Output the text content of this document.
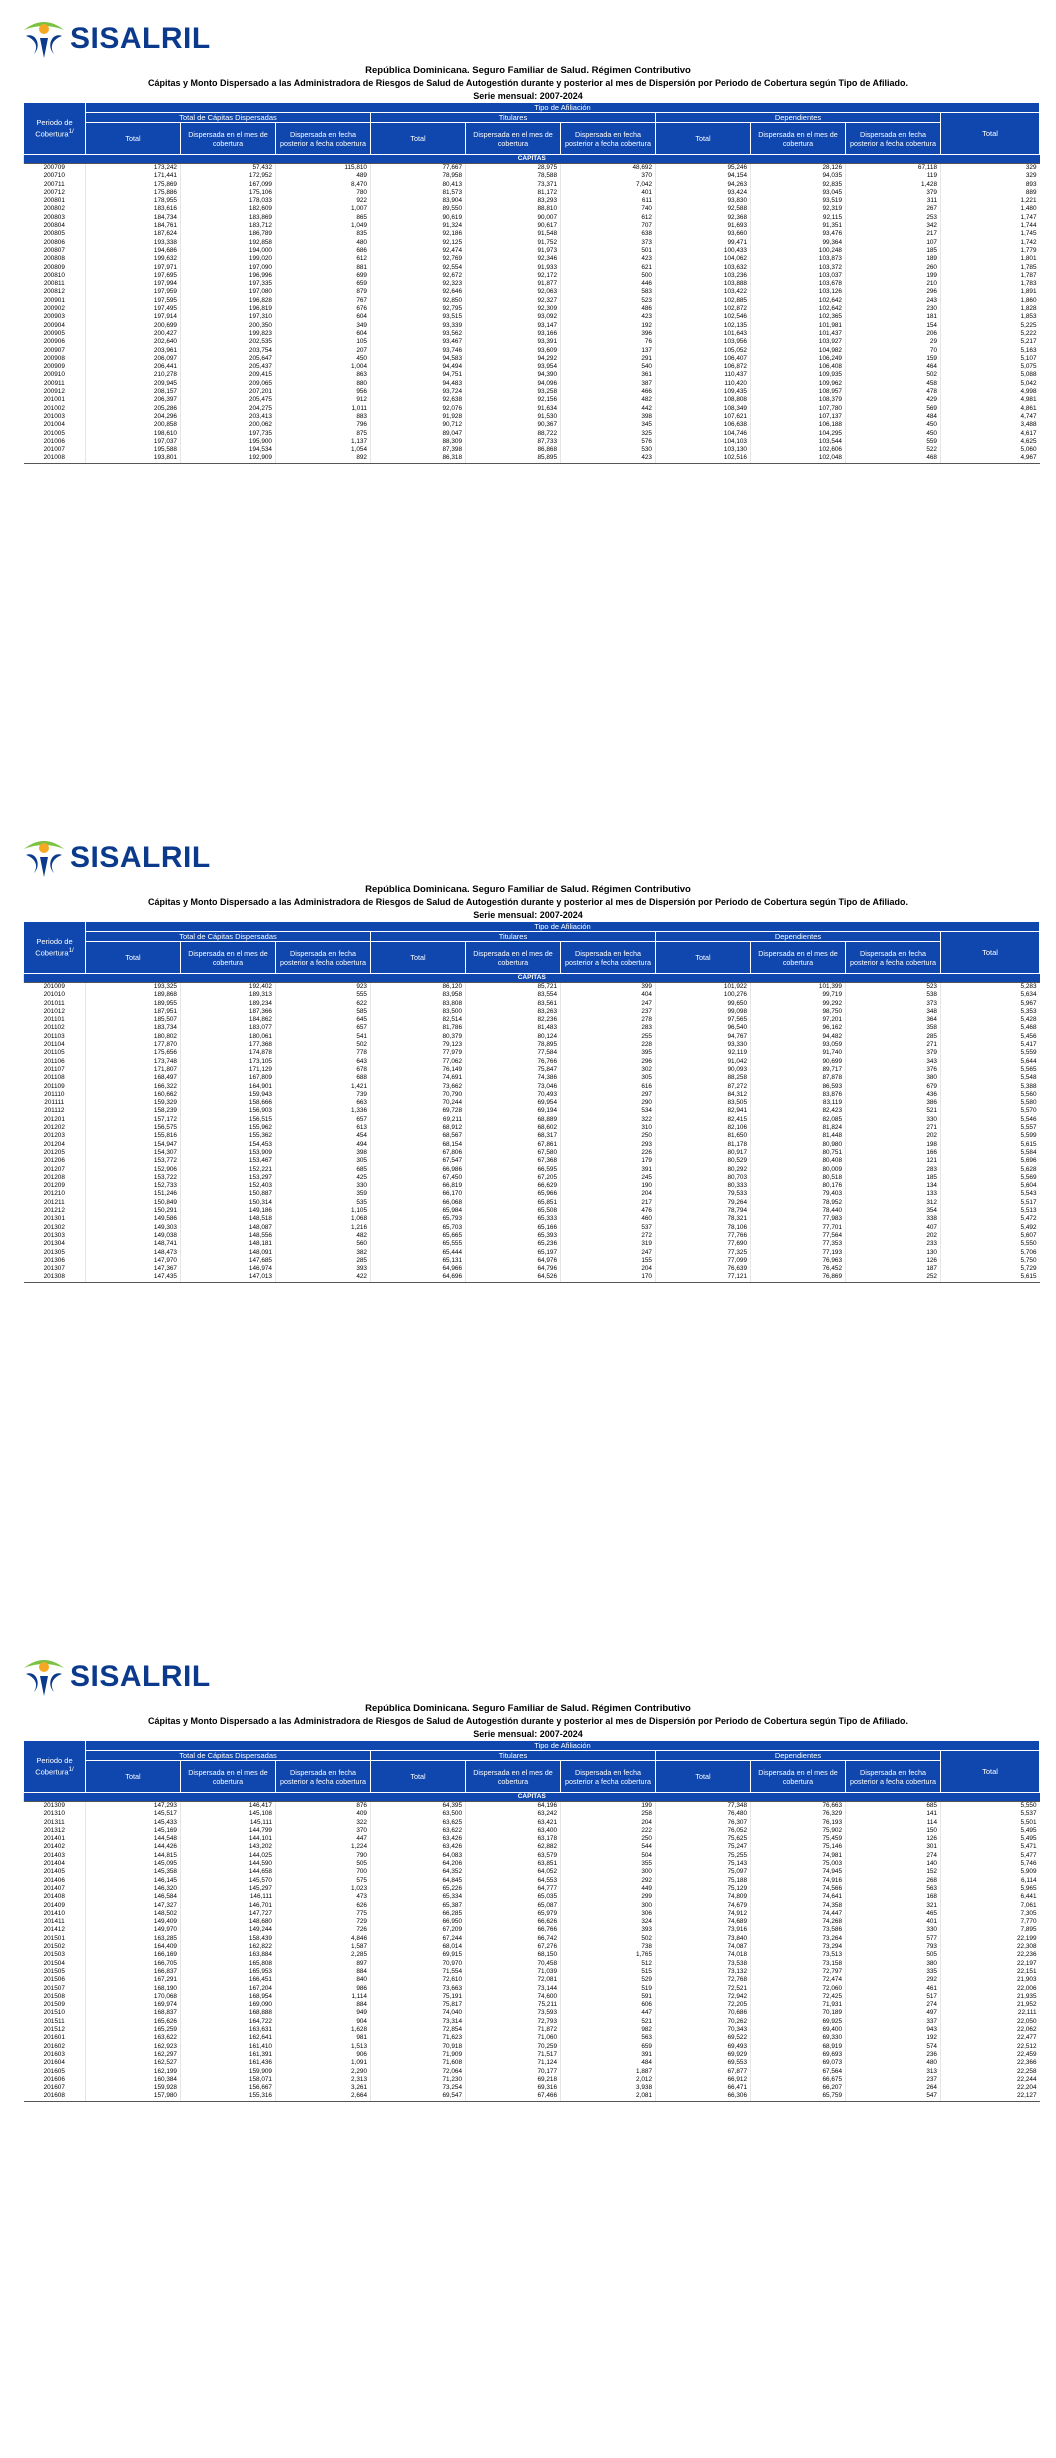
SISALRIL
República Dominicana. Seguro Familiar de Salud. Régimen Contributivo
Cápitas y Monto Dispersado a las Administradora de Riesgos de Salud de Autogestión durante y posterior al mes de Dispersión por Periodo de Cobertura según Tipo de Afiliado.
Serie mensual: 2007-2024
Periodo de Cobertura$^{1/}$	Tipo de Afiliación									
	Total de Cápitas Dispersadas			Titulares			Dependientes			Total
	Total	Dispersada en el mes de cobertura	Dispersada en fecha posterior a fecha cobertura	Total	Dispersada en el mes de cobertura	Dispersada en fecha posterior a fecha cobertura	Total	Dispersada en el mes de cobertura	Dispersada en fecha posterior a fecha cobertura	
CÁPITAS										
200709	173,242	57,432	115,810	77,667	28,975	48,692	95,246	28,126	67,118	329
200710	171,441	172,952	489	78,958	78,588	370	94,154	94,035	119	329
200711	175,869	167,099	8,470	80,413	73,371	7,042	94,263	92,835	1,428	893
200712	175,886	175,106	780	81,573	81,172	401	93,424	93,045	379	889
200801	178,955	178,033	922	83,904	83,293	611	93,830	93,519	311	1,221
200802	183,616	182,609	1,007	89,550	88,810	740	92,588	92,319	267	1,480
200803	184,734	183,869	865	90,619	90,007	612	92,368	92,115	253	1,747
200804	184,761	183,712	1,049	91,324	90,617	707	91,693	91,351	342	1,744
200805	187,624	186,789	835	92,186	91,548	638	93,660	93,476	217	1,745
200806	193,338	192,858	480	92,125	91,752	373	99,471	99,364	107	1,742
200807	194,686	194,000	686	92,474	91,973	501	100,433	100,248	185	1,779
200808	199,632	199,020	612	92,769	92,346	423	104,062	103,873	189	1,801
200809	197,971	197,090	881	92,554	91,933	621	103,632	103,372	260	1,785
200810	197,695	196,996	699	92,672	92,172	500	103,236	103,037	199	1,787
200811	197,994	197,335	659	92,323	91,877	446	103,888	103,678	210	1,783
200812	197,959	197,080	879	92,646	92,063	583	103,422	103,126	296	1,891
200901	197,595	196,828	767	92,850	92,327	523	102,885	102,642	243	1,860
200902	197,495	196,819	676	92,795	92,309	486	102,872	102,642	230	1,828
200903	197,914	197,310	604	93,515	93,092	423	102,546	102,365	181	1,853
200904	200,699	200,350	349	93,339	93,147	192	102,135	101,981	154	5,225
200905	200,427	199,823	604	93,562	93,166	396	101,643	101,437	206	5,222
200906	202,640	202,535	105	93,467	93,391	76	103,956	103,927	29	5,217
200907	203,961	203,754	207	93,746	93,609	137	105,052	104,982	70	5,163
200908	206,097	205,647	450	94,583	94,292	291	106,407	106,249	159	5,107
200909	206,441	205,437	1,004	94,494	93,954	540	106,872	106,408	464	5,075
200910	210,278	209,415	863	94,751	94,390	361	110,437	109,935	502	5,088
200911	209,945	209,065	880	94,483	94,096	387	110,420	109,962	458	5,042
200912	208,157	207,201	956	93,724	93,258	466	109,435	108,957	478	4,998
201001	206,397	205,475	912	92,638	92,156	482	108,808	108,379	429	4,981
201002	205,286	204,275	1,011	92,076	91,634	442	108,349	107,780	569	4,861
201003	204,296	203,413	883	91,928	91,530	398	107,621	107,137	484	4,747
201004	200,858	200,062	796	90,712	90,367	345	106,638	106,188	450	3,488
201005	198,610	197,735	875	89,047	88,722	325	104,746	104,295	450	4,617
201006	197,037	195,900	1,137	88,309	87,733	576	104,103	103,544	559	4,625
201007	195,588	194,534	1,054	87,398	86,868	530	103,130	102,606	522	5,060
201008	193,801	192,909	892	86,318	85,895	423	102,516	102,048	468	4,967
SISALRIL
República Dominicana. Seguro Familiar de Salud. Régimen Contributivo
Cápitas y Monto Dispersado a las Administradora de Riesgos de Salud de Autogestión durante y posterior al mes de Dispersión por Periodo de Cobertura según Tipo de Afiliado.
Serie mensual: 2007-2024
Periodo de Cobertura$^{1/}$	Tipo de Afiliación									
	Total de Cápitas Dispersadas			Titulares			Dependientes			Total
	Total	Dispersada en el mes de cobertura	Dispersada en fecha posterior a fecha cobertura	Total	Dispersada en el mes de cobertura	Dispersada en fecha posterior a fecha cobertura	Total	Dispersada en el mes de cobertura	Dispersada en fecha posterior a fecha cobertura	
CÁPITAS										
201009	193,325	192,402	923	86,120	85,721	399	101,922	101,399	523	5,283
201010	189,868	189,313	555	83,958	83,554	404	100,276	99,719	538	5,634
201011	189,955	189,234	622	83,808	83,561	247	99,650	99,292	373	5,967
201012	187,951	187,366	585	83,500	83,263	237	99,098	98,750	348	5,353
201101	185,507	184,862	645	82,514	82,236	278	97,565	97,201	364	5,428
201102	183,734	183,077	657	81,786	81,483	283	96,540	96,162	358	5,468
201103	180,802	180,061	541	80,379	80,124	255	94,767	94,482	285	5,456
201104	177,870	177,368	502	79,123	78,895	228	93,330	93,059	271	5,417
201105	175,656	174,878	778	77,979	77,584	395	92,119	91,740	379	5,559
201106	173,748	173,105	643	77,062	76,766	296	91,042	90,699	343	5,644
201107	171,807	171,129	678	76,149	75,847	302	90,093	89,717	376	5,565
201108	168,497	167,809	688	74,691	74,386	305	88,258	87,878	380	5,548
201109	166,322	164,901	1,421	73,662	73,046	616	87,272	86,593	679	5,388
201110	160,662	159,943	739	70,790	70,493	297	84,312	83,876	436	5,560
201111	159,329	158,666	663	70,244	69,954	290	83,505	83,119	386	5,580
201112	158,239	156,903	1,336	69,728	69,194	534	82,941	82,423	521	5,570
201201	157,172	156,515	657	69,211	68,889	322	82,415	82,085	330	5,546
201202	156,575	155,962	613	68,912	68,602	310	82,106	81,824	271	5,557
201203	155,816	155,362	454	68,567	68,317	250	81,650	81,448	202	5,599
201204	154,947	154,453	494	68,154	67,861	293	81,178	80,980	198	5,615
201205	154,307	153,909	398	67,806	67,580	226	80,917	80,751	166	5,584
201206	153,772	153,467	305	67,547	67,368	179	80,529	80,408	121	5,696
201207	152,906	152,221	685	66,986	66,595	391	80,292	80,009	283	5,628
201208	153,722	153,297	425	67,450	67,205	245	80,703	80,518	185	5,569
201209	152,733	152,403	330	66,819	66,629	190	80,333	80,176	134	5,604
201210	151,246	150,887	359	66,170	65,966	204	79,533	79,403	133	5,543
201211	150,849	150,314	535	66,068	65,851	217	79,264	78,952	312	5,517
201212	150,291	149,186	1,105	65,984	65,508	476	78,794	78,440	354	5,513
201301	149,586	148,518	1,068	65,793	65,333	460	78,321	77,983	338	5,472
201302	149,303	148,087	1,216	65,703	65,166	537	78,106	77,701	407	5,492
201303	149,038	148,556	482	65,665	65,393	272	77,766	77,564	202	5,607
201304	148,741	148,181	560	65,555	65,236	319	77,690	77,353	233	5,550
201305	148,473	148,091	382	65,444	65,197	247	77,325	77,193	130	5,706
201306	147,970	147,685	285	65,131	64,976	155	77,099	76,963	126	5,750
201307	147,367	146,974	393	64,966	64,796	204	76,639	76,452	187	5,729
201308	147,435	147,013	422	64,696	64,526	170	77,121	76,869	252	5,615
SISALRIL
República Dominicana. Seguro Familiar de Salud. Régimen Contributivo
Cápitas y Monto Dispersado a las Administradora de Riesgos de Salud de Autogestión durante y posterior al mes de Dispersión por Periodo de Cobertura según Tipo de Afiliado.
Serie mensual: 2007-2024
Periodo de Cobertura$^{1/}$	Tipo de Afiliación									
	Total de Cápitas Dispersadas			Titulares			Dependientes			Total
	Total	Dispersada en el mes de cobertura	Dispersada en fecha posterior a fecha cobertura	Total	Dispersada en el mes de cobertura	Dispersada en fecha posterior a fecha cobertura	Total	Dispersada en el mes de cobertura	Dispersada en fecha posterior a fecha cobertura	
CÁPITAS										
201309	147,293	146,417	876	64,395	64,196	199	77,348	76,663	685	5,550
201310	145,517	145,108	409	63,500	63,242	258	76,480	76,329	141	5,537
201311	145,433	145,111	322	63,625	63,421	204	76,307	76,193	114	5,501
201312	145,169	144,799	370	63,622	63,400	222	76,052	75,902	150	5,495
201401	144,548	144,101	447	63,426	63,178	250	75,625	75,459	126	5,495
201402	144,426	143,202	1,224	63,426	62,882	544	75,247	75,146	301	5,471
201403	144,815	144,025	790	64,083	63,579	504	75,255	74,981	274	5,477
201404	145,095	144,590	505	64,206	63,851	355	75,143	75,003	140	5,746
201405	145,358	144,658	700	64,352	64,052	300	75,097	74,945	152	5,909
201406	146,145	145,570	575	64,845	64,553	292	75,188	74,916	268	6,114
201407	146,320	145,297	1,023	65,226	64,777	449	75,129	74,566	563	5,965
201408	146,584	146,111	473	65,334	65,035	299	74,809	74,641	168	6,441
201409	147,327	146,701	626	65,387	65,087	300	74,679	74,358	321	7,061
201410	148,502	147,727	775	66,285	65,979	306	74,912	74,447	465	7,305
201411	149,409	148,680	729	66,950	66,626	324	74,689	74,268	401	7,770
201412	149,970	149,244	726	67,209	66,766	393	73,916	73,586	330	7,895
201501	163,285	158,439	4,846	67,244	66,742	502	73,840	73,264	577	22,199
201502	164,409	162,822	1,587	68,014	67,276	738	74,087	73,294	793	22,308
201503	166,169	163,884	2,285	69,915	68,150	1,765	74,018	73,513	505	22,236
201504	166,705	165,808	897	70,970	70,458	512	73,538	73,158	380	22,197
201505	166,837	165,953	884	71,554	71,039	515	73,132	72,797	335	22,151
201506	167,291	166,451	840	72,610	72,081	529	72,768	72,474	292	21,903
201507	168,190	167,204	986	73,663	73,144	519	72,521	72,060	461	22,006
201508	170,068	168,954	1,114	75,191	74,600	591	72,942	72,425	517	21,935
201509	169,974	169,090	884	75,817	75,211	606	72,205	71,931	274	21,952
201510	168,837	168,888	949	74,040	73,593	447	70,686	70,189	497	22,111
201511	165,626	164,722	904	73,314	72,793	521	70,262	69,925	337	22,050
201512	165,259	163,631	1,628	72,854	71,872	982	70,343	69,400	943	22,062
201601	163,622	162,641	981	71,623	71,060	563	69,522	69,330	192	22,477
201602	162,923	161,410	1,513	70,918	70,259	659	69,493	68,919	574	22,512
201603	162,297	161,391	906	71,909	71,517	391	69,929	69,693	236	22,459
201604	162,527	161,436	1,091	71,608	71,124	484	69,553	69,073	480	22,366
201605	162,199	159,909	2,290	72,064	70,177	1,887	67,877	67,564	313	22,258
201606	160,384	158,071	2,313	71,230	69,218	2,012	66,912	66,675	237	22,244
201607	159,928	156,667	3,261	73,254	69,316	3,938	66,471	66,207	264	22,204
201608	157,980	155,316	2,664	69,547	67,466	2,081	66,306	65,759	547	22,127
